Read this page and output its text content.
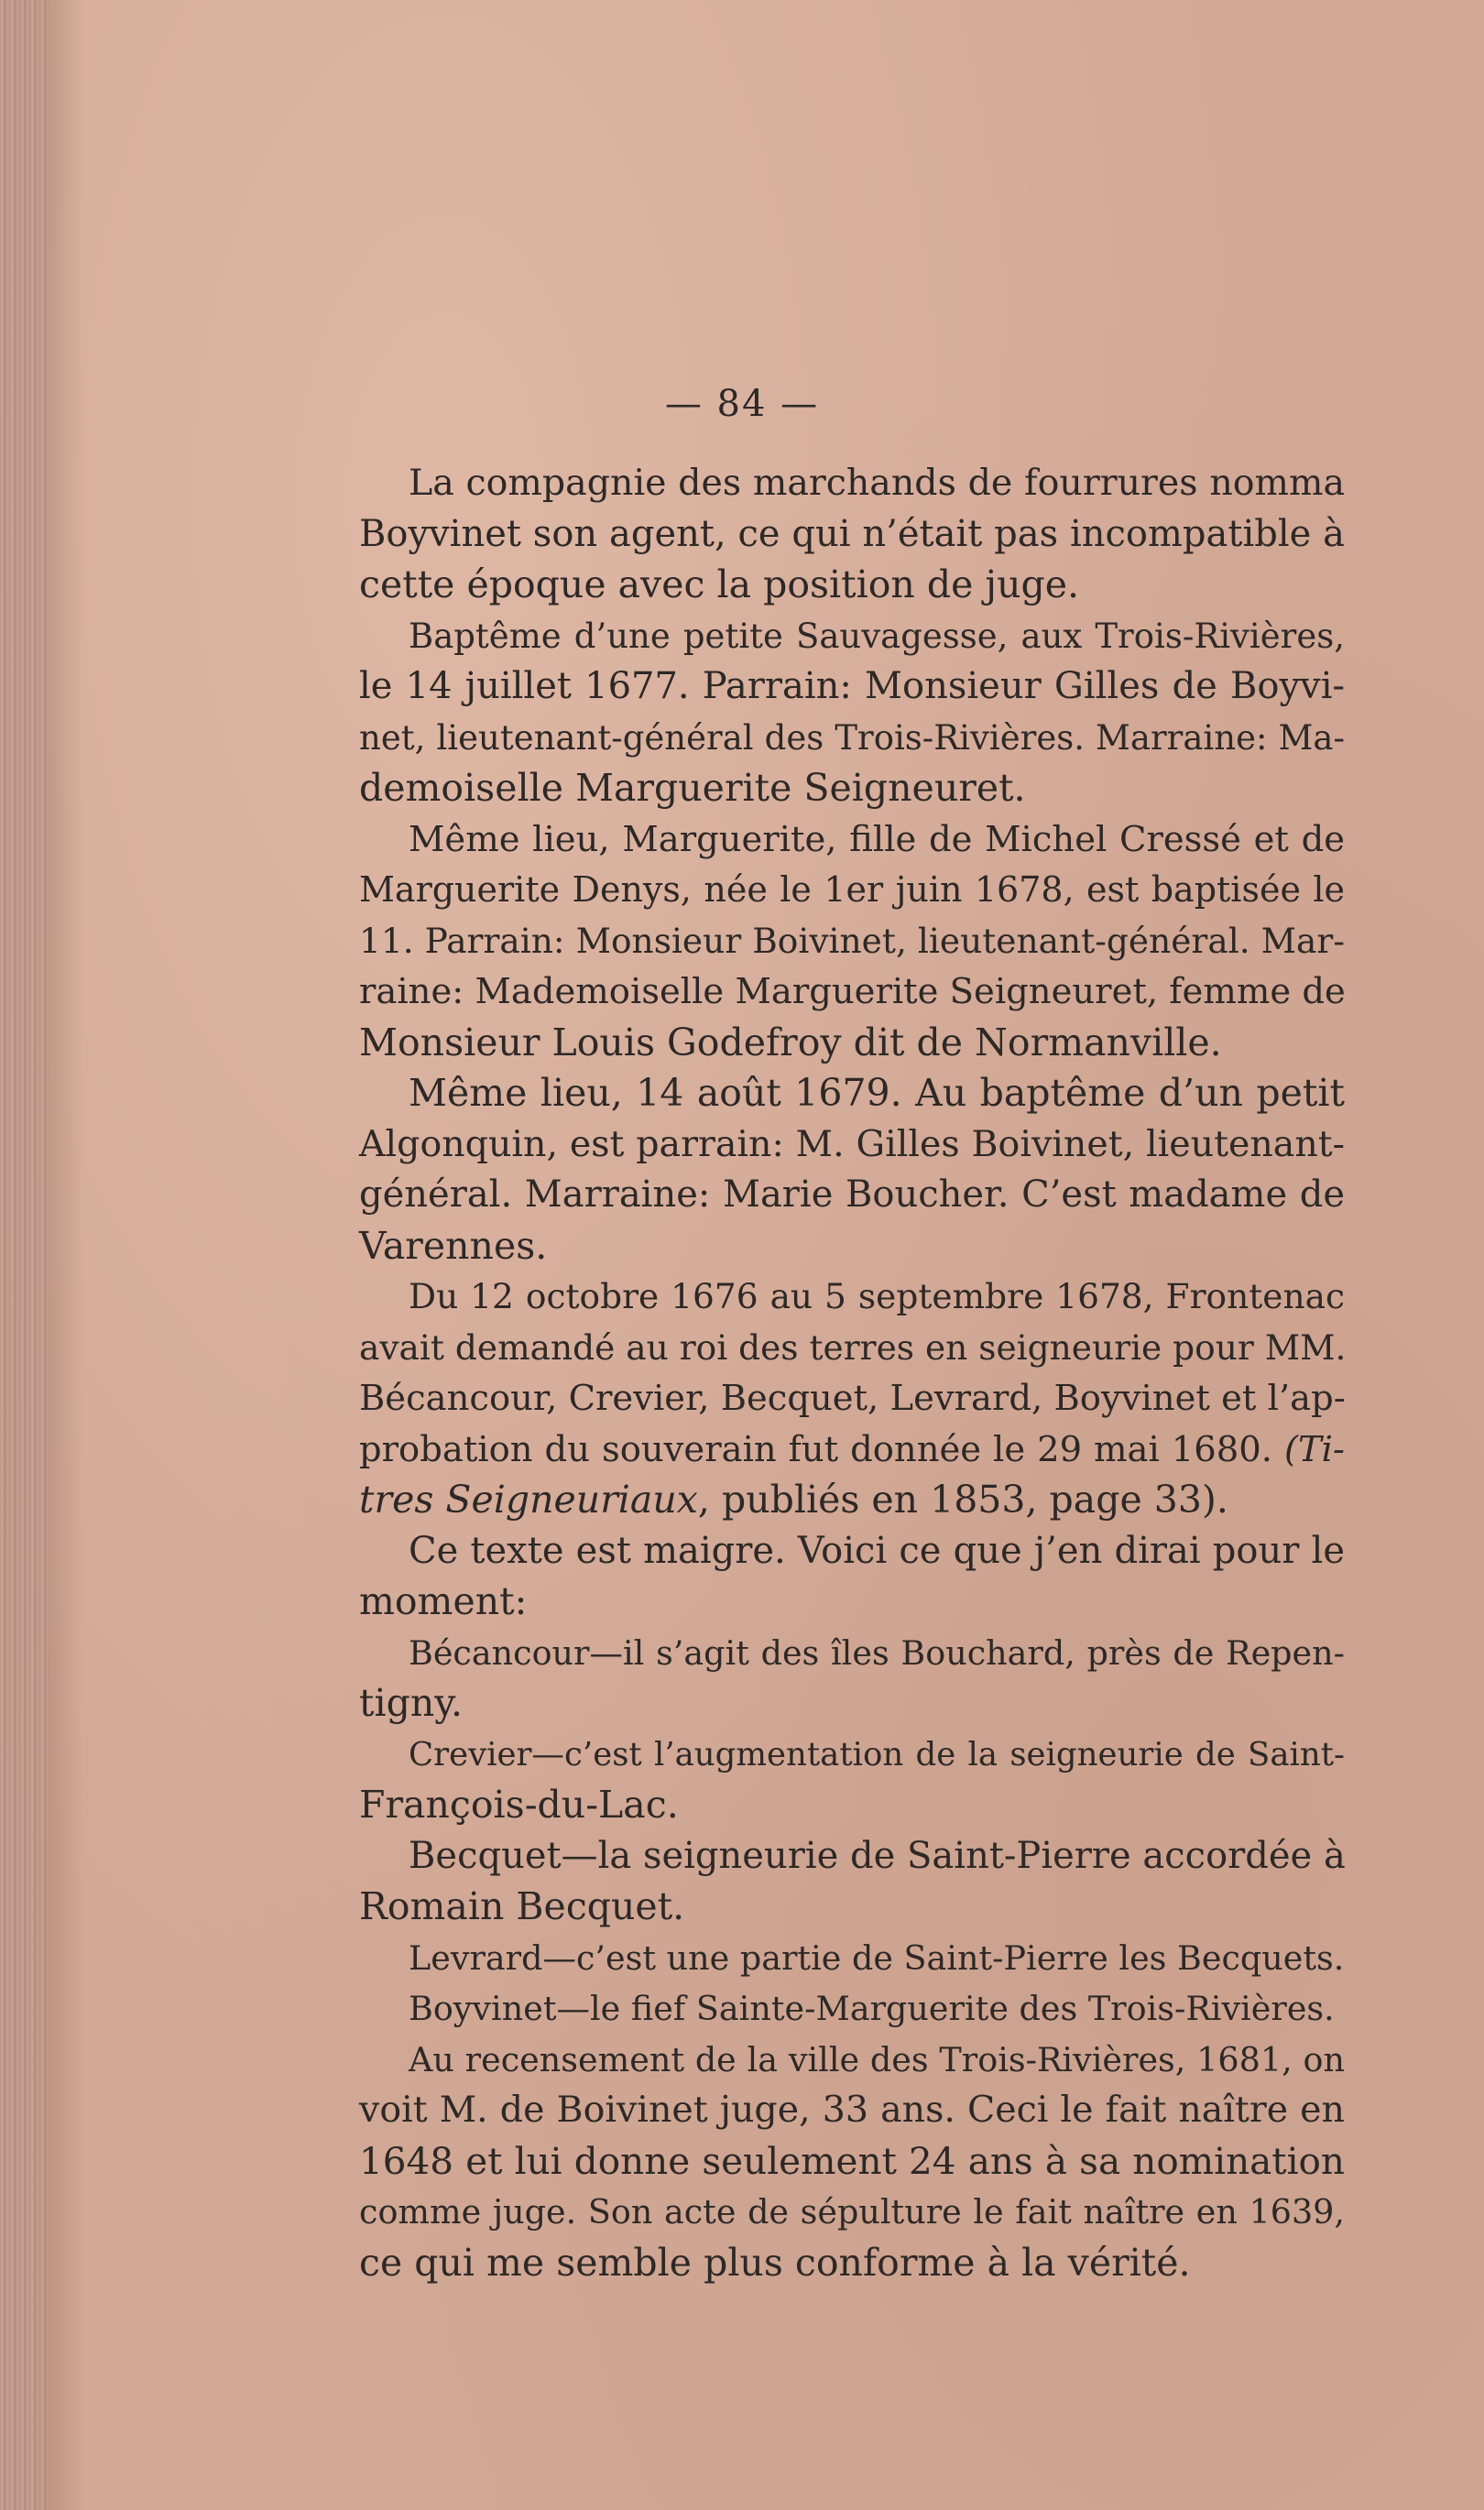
— 84 —
La compagnie des marchands de fourrures nomma
Boyvinet son agent, ce qui n’était pas incompatible à
cette époque avec la position de juge.
Baptême d’une petite Sauvagesse, aux Trois-Rivières,
le 14 juillet 1677. Parrain: Monsieur Gilles de Boyvi-
net, lieutenant-général des Trois-Rivières. Marraine: Ma-
demoiselle Marguerite Seigneuret.
Même lieu, Marguerite, fille de Michel Cressé et de
Marguerite Denys, née le 1er juin 1678, est baptisée le
11. Parrain: Monsieur Boivinet, lieutenant-général. Mar-
raine: Mademoiselle Marguerite Seigneuret, femme de
Monsieur Louis Godefroy dit de Normanville.
Même lieu, 14 août 1679. Au baptême d’un petit
Algonquin, est parrain: M. Gilles Boivinet, lieutenant-
général. Marraine: Marie Boucher. C’est madame de
Varennes.
Du 12 octobre 1676 au 5 septembre 1678, Frontenac
avait demandé au roi des terres en seigneurie pour MM.
Bécancour, Crevier, Becquet, Levrard, Boyvinet et l’ap-
probation du souverain fut donnée le 29 mai 1680. (Ti-
tres Seigneuriaux, publiés en 1853, page 33).
Ce texte est maigre. Voici ce que j’en dirai pour le
moment:
Bécancour—il s’agit des îles Bouchard, près de Repen-
tigny.
Crevier—c’est l’augmentation de la seigneurie de Saint-
François-du-Lac.
Becquet—la seigneurie de Saint-Pierre accordée à
Romain Becquet.
Levrard—c’est une partie de Saint-Pierre les Becquets.
Boyvinet—le fief Sainte-Marguerite des Trois-Rivières.
Au recensement de la ville des Trois-Rivières, 1681, on
voit M. de Boivinet juge, 33 ans. Ceci le fait naître en
1648 et lui donne seulement 24 ans à sa nomination
comme juge. Son acte de sépulture le fait naître en 1639,
ce qui me semble plus conforme à la vérité.
